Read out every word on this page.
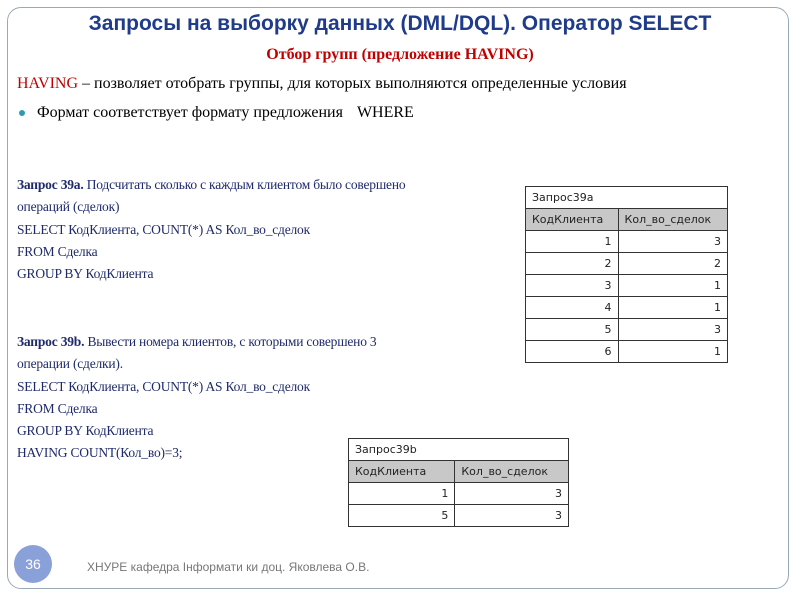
Запросы на выборку данных (DML/DQL). Оператор SELECT
Отбор групп (предложение HAVING)
HAVING – позволяет отобрать группы, для которых выполняются определенные условия
Формат соответствует формату предложения WHERE
Запрос 39а. Подсчитать сколько с каждым клиентом было совершено
операций (сделок)
SELECT КодКлиента, COUNT(*) AS Кол_во_сделок
FROM Сделка
GROUP BY КодКлиента
Запрос 39b. Вывести номера клиентов, с которыми совершено 3
операции (сделки).
SELECT КодКлиента, COUNT(*) AS Кол_во_сделок
FROM Сделка
GROUP BY КодКлиента
HAVING COUNT(Кол_во)=3;
Запрос39а	
КодКлиента	Кол_во_сделок
1	3
2	2
3	1
4	1
5	3
6	1
Запрос39b	
КодКлиента	Кол_во_сделок
1	3
5	3
36	ХНУРЕ кафедра Інформати ки доц. Яковлева О.В.
